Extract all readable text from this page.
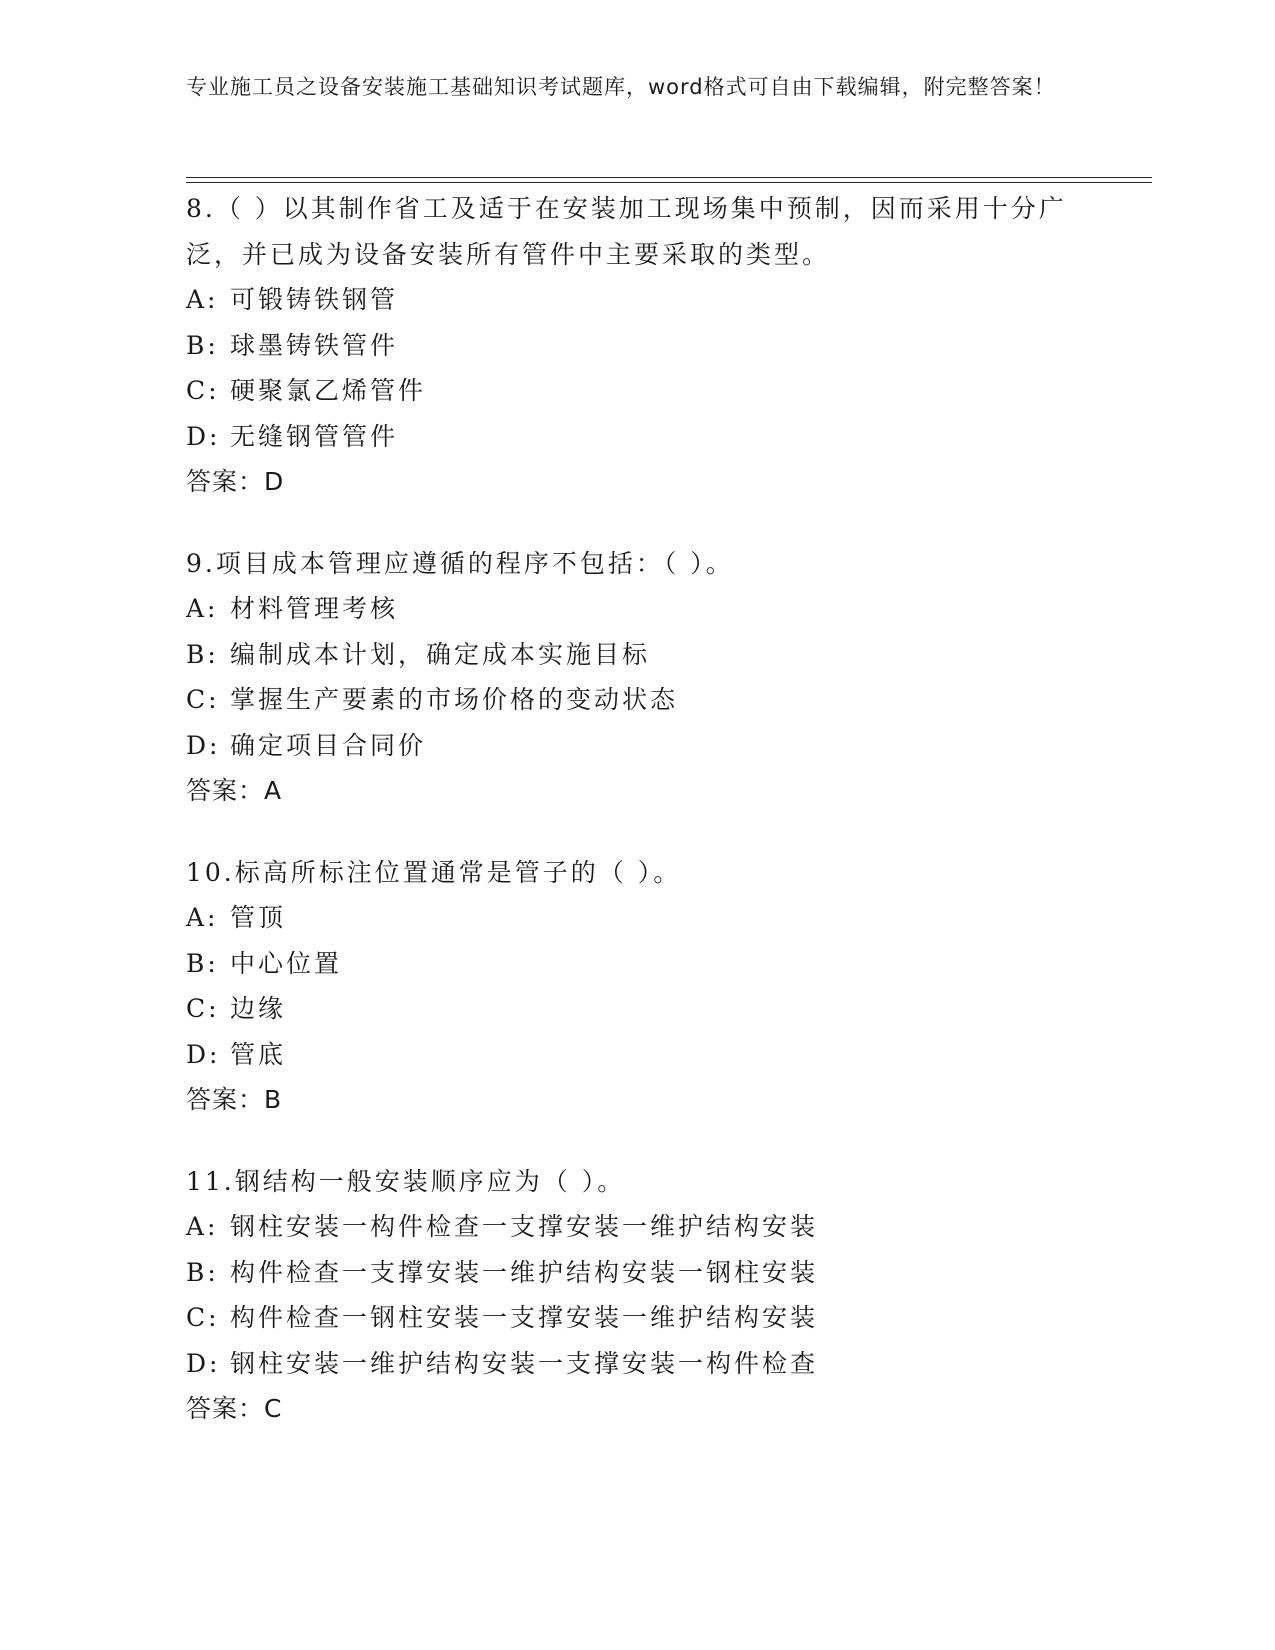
专业施工员之设备安装施工基础知识考试题库，word格式可自由下载编辑，附完整答案！
8.（ ）以其制作省工及适于在安装加工现场集中预制，因而采用十分广泛，并已成为设备安装所有管件中主要采取的类型。
A: 可锻铸铁钢管
B: 球墨铸铁管件
C: 硬聚氯乙烯管件
D: 无缝钢管管件
答案：D
9.项目成本管理应遵循的程序不包括：（ ）。
A: 材料管理考核
B: 编制成本计划，确定成本实施目标
C: 掌握生产要素的市场价格的变动状态
D: 确定项目合同价
答案：A
10.标高所标注位置通常是管子的（ ）。
A: 管顶
B: 中心位置
C: 边缘
D: 管底
答案：B
11.钢结构一般安装顺序应为（ ）。
A: 钢柱安装一构件检查一支撑安装一维护结构安装
B: 构件检查一支撑安装一维护结构安装一钢柱安装
C: 构件检查一钢柱安装一支撑安装一维护结构安装
D: 钢柱安装一维护结构安装一支撑安装一构件检查
答案：C
